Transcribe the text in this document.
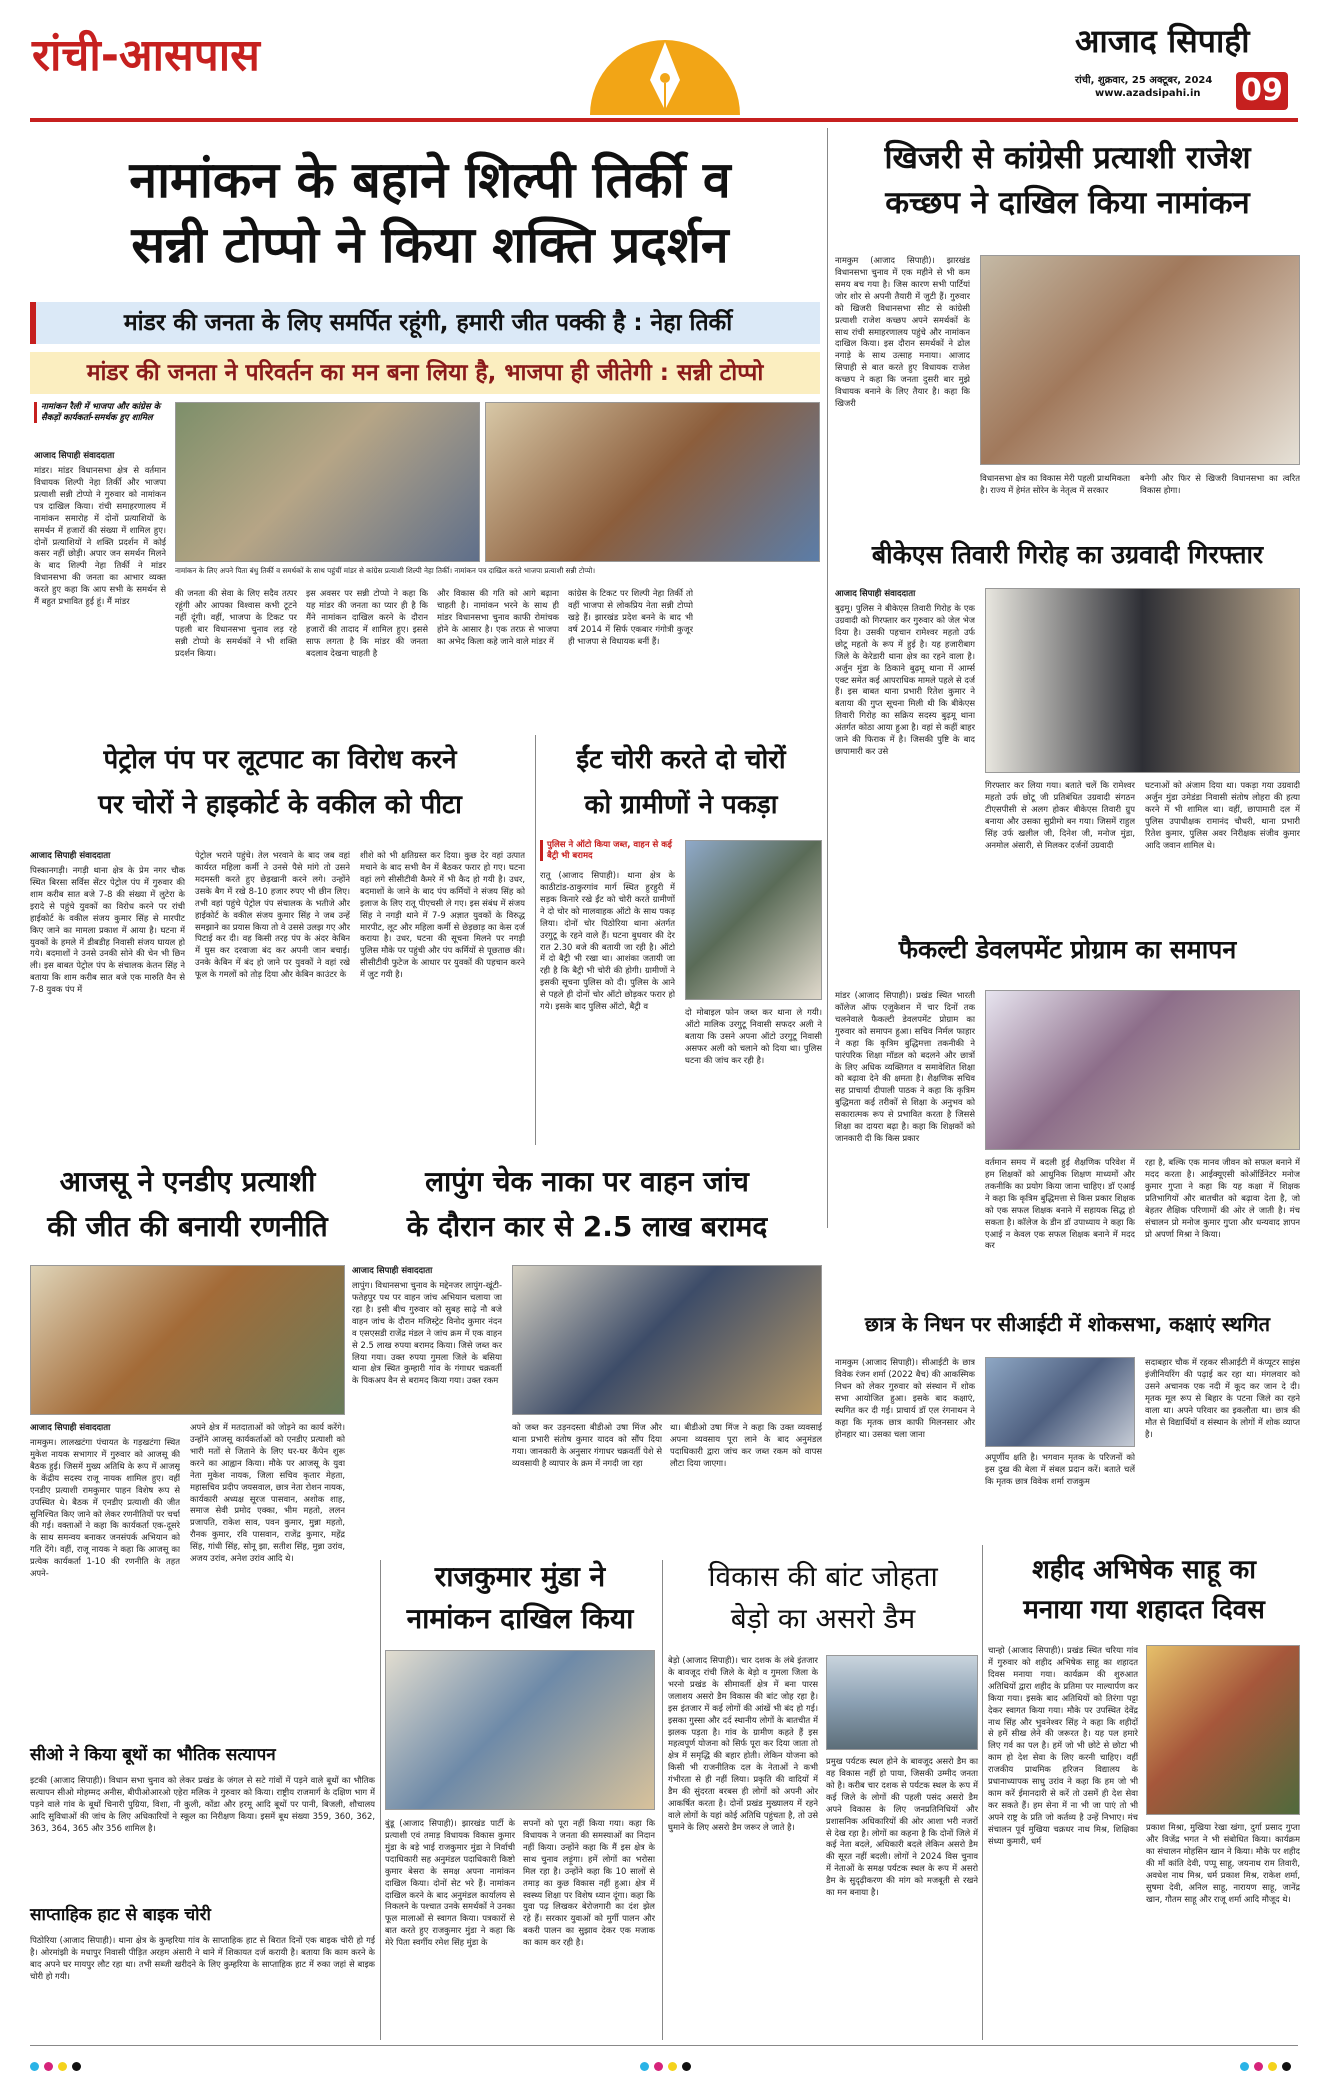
रांची-आसपास	आजाद सिपाही
रांची, शुक्रवार, 25 अक्टूबर, 2024
www.azadsipahi.in 09
नामांकन के बहाने शिल्पी तिर्की व
सन्नी टोप्पो ने किया शक्ति प्रदर्शन
मांडर की जनता के लिए समर्पित रहूंगी, हमारी जीत पक्की है : नेहा तिर्की
मांडर की जनता ने परिवर्तन का मन बना लिया है, भाजपा ही जीतेगी : सन्नी टोप्पो
नामांकन रैली में भाजपा और कांग्रेस के सैकड़ों कार्यकर्ता-समर्थक हुए शामिल
आजाद सिपाही संवाददाता
मांडर। मांडर विधानसभा क्षेत्र से वर्तमान विधायक शिल्पी नेहा तिर्की और भाजपा प्रत्याशी सन्नी टोप्पो ने गुरुवार को नामांकन पत्र दाखिल किया। रांची समाहरणालय में नामांकन समारोह में दोनों प्रत्याशियों के समर्थन में हजारों की संख्या में शामिल हुए। दोनों प्रत्याशियों ने शक्ति प्रदर्शन में कोई कसर नहीं छोड़ी। अपार जन समर्थन मिलने के बाद शिल्पी नेहा तिर्की ने मांडर विधानसभा की जनता का आभार व्यक्त करते हुए कहा कि आप सभी के समर्थन से मैं बहुत प्रभावित हुई हूं। मैं मांडर
नामांकन के लिए अपने पिता बंधु तिर्की व समर्थकों के साथ पहुंचीं मांडर से कांग्रेस प्रत्याशी शिल्पी नेहा तिर्की। नामांकन पत्र दाखिल करते भाजपा प्रत्याशी सन्नी टोप्पो।
की जनता की सेवा के लिए सदैव तत्पर रहूंगी और आपका विश्वास कभी टूटने नहीं दूंगी। वहीं, भाजपा के टिकट पर पहली बार विधानसभा चुनाव लड़ रहे सन्नी टोप्पो के समर्थकों ने भी शक्ति प्रदर्शन किया।
इस अवसर पर सन्नी टोप्पो ने कहा कि यह मांडर की जनता का प्यार ही है कि मैंने नामांकन दाखिल करने के दौरान हजारों की तादाद में शामिल हुए। इससे साफ लगता है कि मांडर की जनता बदलाव देखना चाहती है
और विकास की गति को आगे बढ़ाना चाहती है। नामांकन भरने के साथ ही मांडर विधानसभा चुनाव काफी रोमांचक होने के आसार है। एक तरफ़ से भाजपा का अभेद किला कहे जाने वाले मांडर में
कांग्रेस के टिकट पर शिल्पी नेहा तिर्की तो वहीं भाजपा से लोकप्रिय नेता सन्नी टोप्पो खड़े हैं। झारखंड प्रदेश बनने के बाद भी वर्ष 2014 में सिर्फ एकबार गंगोत्री कुजूर ही भाजपा से विधायक बनीं हैं।
खिजरी से कांग्रेसी प्रत्याशी राजेश
कच्छप ने दाखिल किया नामांकन
नामकुम (आजाद सिपाही)। झारखंड विधानसभा चुनाव में एक महीने से भी कम समय बच गया है। जिस कारण सभी पार्टियां जोर शोर से अपनी तैयारी में जुटी हैं। गुरुवार को खिजरी विधानसभा सीट से कांग्रेसी प्रत्याशी राजेश कच्छप अपने समर्थकों के साथ रांची समाहरणालय पहुंचे और नामांकन दाखिल किया। इस दौरान समर्थकों ने ढोल नगाड़े के साथ उत्साह मनाया। आजाद सिपाही से बात करते हुए विधायक राजेश कच्छप ने कहा कि जनता दुसरी बार मुझे विधायक बनाने के लिए तैयार है। कहा कि खिजरी
विधानसभा क्षेत्र का विकास मेरी पहली प्राथमिकता है। राज्य में हेमंत सोरेन के नेतृत्व में सरकार
बनेगी और फिर से खिजरी विधानसभा का त्वरित विकास होगा।
बीकेएस तिवारी गिरोह का उग्रवादी गिरफ्तार
आजाद सिपाही संवाददाता
बुढ़मू। पुलिस ने बीकेएस तिवारी गिरोह के एक उग्रवादी को गिरफ्तार कर गुरुवार को जेल भेज दिया है। उसकी पहचान रामेश्वर महतो उर्फ छोटू महतो के रूप में हुई है। यह हजारीबाग जिले के केरेडारी थाना क्षेत्र का रहने वाला है। अर्जुन मुंडा के ठिकाने बुढ़मू थाना में आर्म्स एक्ट समेत कई आपराधिक मामले पहले से दर्ज हैं। इस बाबत थाना प्रभारी रितेश कुमार ने बताया की गुप्त सूचना मिली थी कि बीकेएस तिवारी गिरोह का सक्रिय सदस्य बुढ़मू थाना अंतर्गत कोठा आया हुआ है। वहां से कहीं बाहर जाने की फिराक में है। जिसकी पुष्टि के बाद छापामारी कर उसे
गिरफ्तार कर लिया गया। बताते चलें कि रामेश्वर महतो उर्फ छोटू जी प्रतिबंधित उग्रवादी संगठन टीएसपीसी से अलग होकर बीकेएस तिवारी ग्रुप बनाया और उसका सुप्रीमो बन गया। जिसमें राहुल सिंह उर्फ खलील जी, दिनेश जी, मनोज मुंडा, अनमोल अंसारी, से मिलकर दर्जनों उग्रवादी
घटनाओं को अंजाम दिया था। पकड़ा गया उग्रवादी अर्जुन मुंडा उमेडंडा निवासी संतोष लोहरा की हत्या करने में भी शामिल था। वहीं, छापामारी दल में पुलिस उपाधीक्षक रामानंद चौधरी, थाना प्रभारी रितेश कुमार, पुलिस अवर निरीक्षक संजीव कुमार आदि जवान शामिल थे।
फैकल्टी डेवलपमेंट प्रोग्राम का समापन
मांडर (आजाद सिपाही)। प्रखंड स्थित भारती कॉलेज ऑफ एजुकेशन में चार दिनों तक चलनेवाले फैकल्टी डेवलपमेंट प्रोग्राम का गुरुवार को समापन हुआ। सचिव निर्मल फाहार ने कहा कि कृत्रिम बुद्धिमत्ता तकनीकी ने पारंपरिक शिक्षा मॉडल को बदलने और छात्रों के लिए अधिक व्यक्तिगत व समावेशित शिक्षा को बढ़ावा देने की क्षमता है। शैक्षणिक सचिव सह प्राचार्या दीपाली पाठक ने कहा कि कृत्रिम बुद्धिमता कई तरीकों से शिक्षा के अनुभव को सकारात्मक रूप से प्रभावित करता है जिससे शिक्षा का दायरा बढ़ा है। कहा कि शिक्षकों को जानकारी दी कि किस प्रकार
वर्तमान समय में बदली हुई शैक्षणिक परिवेश में हम शिक्षकों को आधुनिक शिक्षण माध्यमों और तकनीकि का प्रयोग किया जाना चाहिए। डॉ एआई ने कहा कि कृत्रिम बुद्धिमत्ता से किस प्रकार शिक्षक को एक सफल शिक्षक बनाने में सहायक सिद्ध हो सकता है। कॉलेज के डीन डॉ उपाध्याय ने कहा कि एआई न केवल एक सफल शिक्षक बनाने में मदद कर
रहा है, बल्कि एक मानव जीवन को सफल बनाने में मदद करता है। आईक्यूएसी कोऑर्डिनेटर मनोज कुमार गुप्ता ने कहा कि यह कक्षा में शिक्षक प्रतिभागियों और बातचीत को बढ़ावा देता है, जो बेहतर शैक्षिक परिणामों की ओर ले जाती है। मंच संचालन प्रो मनोज कुमार गुप्ता और धन्यवाद ज्ञापन प्रो अपर्णा मिश्रा ने किया।
छात्र के निधन पर सीआईटी में शोकसभा, कक्षाएं स्थगित
नामकुम (आजाद सिपाही)। सीआईटी के छात्र विवेक रंजन शर्मा (2022 बैच) की आकस्मिक निधन को लेकर गुरुवार को संस्थान में शोक सभा आयोजित हुआ। इसके बाद कक्षाएं, स्थगित कर दी गई। प्राचार्य डॉ एल रंगनाथन ने कहा कि मृतक छात्र काफी मिलनसार और होनहार था। उसका चला जाना
अपूर्णीय क्षति है। भगवान मृतक के परिजनों को इस दुख की बेला में संबल प्रदान करें। बताते चलें कि मृतक छात्र विवेक शर्मा राजकुम
सदाबहार चौक में रहकर सीआईटी में कंप्यूटर साइंस इंजीनियरिंग की पढ़ाई कर रहा था। मंगलवार को उसने अचानक एक नदी में कूद कर जान दे दी। मृतक मूल रूप से बिहार के पटना जिले का रहने वाला था। अपने परिवार का इकलौता था। छात्र की मौत से विद्यार्थियों व संस्थान के लोगों में शोक व्याप्त है।
पेट्रोल पंप पर लूटपाट का विरोध करने
पर चोरों ने हाइकोर्ट के वकील को पीटा
आजाद सिपाही संवाददाता
पिस्कानगड़ी। नगड़ी थाना क्षेत्र के प्रेम नगर चौक स्थित बिरसा सर्विस सेंटर पेट्रोल पंप में गुरुवार की शाम करीब सात बजे 7-8 की संख्या में लुटेरा के इरादे से पहुंचे युवकों का विरोध करने पर रांची हाईकोर्ट के वकील संजय कुमार सिंह से मारपीट किए जाने का मामला प्रकाश में आया है। घटना में युवकों के हमले में डीबडीह निवासी संजय घायल हो गये। बदमाशों ने उनसे उनकी सोने की चेन भी छिन ली। इस बाबत पेट्रोल पंप के संचालक केतन सिंह ने बताया कि शाम करीब सात बजे एक मारुति वैन से 7-8 युवक पंप में
पेट्रोल भराने पहुंचे। तेल भरवाने के बाद जब वहां कार्यरत महिला कर्मी ने उनसे पैसे मांगे तो उसने मदमस्ती करते हुए छेड़खानी करने लगे। उन्होंने उसके बैग में रखे 8-10 हजार रुपए भी छीन लिए। तभी वहां पहुंचे पेट्रोल पंप संचालक के भतीजे और हाईकोर्ट के वकील संजय कुमार सिंह ने जब उन्हें समझाने का प्रयास किया तो वे उससे उलझ गए और पिटाई कर दी। वह किसी तरह पंप के अंदर केबिन में घुस कर दरवाजा बंद कर अपनी जान बचाई। उनके केबिन में बंद हो जाने पर युवकों ने वहां रखे फूल के गमलों को तोड़ दिया और केबिन काउंटर के
शीशे को भी क्षतिग्रस्त कर दिया। कुछ देर वहां उत्पात मचाने के बाद सभी वैन में बैठकर फरार हो गए। घटना वहां लगे सीसीटीवी कैमरे में भी कैद हो गयी है। उधर, बदमाशों के जाने के बाद पंप कर्मियों ने संजय सिंह को इलाज के लिए रातू पीएचसी ले गए। इस संबंध में संजय सिंह ने नगड़ी थाने में 7-9 अज्ञात युवकों के विरुद्ध मारपीट, लूट और महिला कर्मी से छेड़छाड़ का केस दर्ज कराया है। उधर, घटना की सूचना मिलने पर नगड़ी पुलिस मौके पर पहुंची और पंप कर्मियों से पूछताछ की। सीसीटीवी फुटेज के आधार पर युवकों की पहचान करने में जुट गयी है।
ईंट चोरी करते दो चोरों
को ग्रामीणों ने पकड़ा
पुलिस ने ऑटो किया जब्त, वाहन से कई बैट्री भी बरामद
रातू (आजाद सिपाही)। थाना क्षेत्र के काठीटांड-ठाकुरगांव मार्ग स्थित हुरहुरी में सड़क किनारे रखे ईंट को चोरी करते ग्रामीणों ने दो चोर को मालवाहक ऑटो के साथ पकड़ लिया। दोनों चोर पिठोरिया थाना अंतर्गत उरगुटू के रहने वाले हैं। घटना बुधवार की देर रात 2.30 बजे की बतायी जा रही है। ऑटो में दो बैट्री भी रखा था। आशंका जतायी जा रही है कि बैट्री भी चोरी की होगी। ग्रामीणों ने इसकी सूचना पुलिस को दी। पुलिस के आने से पहले ही दोनों चोर ऑटो छोड़कर फरार हो गये। इसके बाद पुलिस ऑटो, बैट्री व
दो मोबाइल फोन जब्त कर थाना ले गयी। ऑटो मालिक उरगुटू निवासी सफदर अली ने बताया कि उसने अपना ऑटो उरगुटू निवासी असफर अली को चलाने को दिया था। पुलिस घटना की जांच कर रही है।
आजसू ने एनडीए प्रत्याशी
की जीत की बनायी रणनीति
आजाद सिपाही संवाददाता
नामकुम। लालखटंगा पंचायत के गड़खटंगा स्थित मुकेश नायक सभागार में गुरुवार को आजसू की बैठक हुई। जिसमें मुख्य अतिथि के रूप में आजसू के केंद्रीय सदस्य राजू नायक शामिल हुए। वहीं एनडीए प्रत्याशी रामकुमार पाहन विशेष रूप से उपस्थित थे। बैठक में एनडीए प्रत्याशी की जीत सुनिश्चित किए जाने को लेकर रणनीतियों पर चर्चा की गई। वक्ताओं ने कहा कि कार्यकर्ता एक-दूसरे के साथ समन्वय बनाकर जनसंपर्क अभियान को गति देंगे। वहीं, राजू नायक ने कहा कि आजसू का प्रत्येक कार्यकर्ता 1-10 की रणनीति के तहत अपने-
अपने क्षेत्र में मतदाताओं को जोड़ने का कार्य करेंगे। उन्होंने आजसू कार्यकर्ताओं को एनडीए प्रत्याशी को भारी मतों से जिताने के लिए घर-घर कैंपेन शुरू करने का आह्वान किया। मौके पर आजसू के युवा नेता मुकेश नायक, जिला सचिव कृतार मेहता, महासचिव प्रदीप जयसवाल, छात्र नेता रोशन नायक, कार्यकारी अध्यक्ष सूरज पासवान, अशोक शाह, समाज सेवी प्रमोद एक्का, भीम महतो, ललन प्रजापति, राकेश साव, पवन कुमार, मुन्ना महतो, रौनक कुमार, रवि पासवान, राजेंद्र कुमार, महेंद्र सिंह, गांधी सिंह, सोनू झा, सतीश सिंह, मुन्ना उरांव, अजय उरांव, अनेश उरांव आदि थे।
लापुंग चेक नाका पर वाहन जांच
के दौरान कार से 2.5 लाख बरामद
आजाद सिपाही संवाददाता
लापुंग। विधानसभा चुनाव के मद्देनजर लापुंग-खूंटी-फतेहपुर पथ पर वाहन जांच अभियान चलाया जा रहा है। इसी बीच गुरुवार को सुबह साढ़े नौ बजे वाहन जांच के दौरान मजिस्ट्रेट विनोद कुमार नंदन व एसएसडी राजेंद्र मंडल ने जांच क्रम में एक वाहन से 2.5 लाख रुपया बरामद किया। जिसे जब्त कर लिया गया। उक्त रुपया गुमला जिले के बसिया थाना क्षेत्र स्थित कुम्हारी गांव के गंगाधर चक्रवर्ती के पिकअप वैन से बरामद किया गया। उक्त रकम
को जब्त कर उड़नदस्ता बीडीओ उषा मिंज और थाना प्रभारी संतोष कुमार यादव को सौंप दिया गया। जानकारी के अनुसार गंगाधर चक्रवर्ती पेशे से व्यवसायी है व्यापार के क्रम में नगदी जा रहा
था। बीडीओ उषा मिंज ने कहा कि उक्त व्यवसाई अपना व्यवसाय पूरा लाने के बाद अनुमंडल पदाधिकारी द्वारा जांच कर जब्त रकम को वापस लौटा दिया जाएगा।
सीओ ने किया बूथों का भौतिक सत्यापन
इटकी (आजाद सिपाही)। विधान सभा चुनाव को लेकर प्रखंड के जंगल से सटे गांवों में पड़ने वाले बूथों का भौतिक सत्यापन सीओ मोहम्मद अनीस, बीपीओआरओ एहेरा मलिक ने गुरुवार को किया। राष्ट्रीय राजमार्ग के दक्षिण भाग में पड़ने वाले गांव के बूथों चिनारी पुग्रिया, विशा, नी कुली, कोंडा और हरमू आदि बूथों पर पानी, बिजली, शौचालय आदि सुविधाओं की जांच के लिए अधिकारियों ने स्कूल का निरीक्षण किया। इसमें बूथ संख्या 359, 360, 362, 363, 364, 365 और 356 शामिल है।
साप्ताहिक हाट से बाइक चोरी
पिठोरिया (आजाद सिपाही)। थाना क्षेत्र के कुम्हरिया गांव के साप्ताहिक हाट से बिरात दिनों एक बाइक चोरी हो गई है। ओरमांझी के मधापुर निवासी पीड़ित अरहम अंसारी ने थाने में शिकायत दर्ज करायी है। बताया कि काम करने के बाद अपने घर मायपुर लौट रहा था। तभी सब्जी खरीदने के लिए कुम्हरिया के साप्ताहिक हाट में रुका जहां से बाइक चोरी हो गयी।
राजकुमार मुंडा ने
नामांकन दाखिल किया
बुंडू (आजाद सिपाही)। झारखंड पार्टी के प्रत्याशी एवं तमाड़ विधायक विकास कुमार मुंडा के बड़े भाई राजकुमार मुंडा ने निर्वाची पदाधिकारी सह अनुमंडल पदाधिकारी किष्टो कुमार बेसरा के समक्ष अपना नामांकन दाखिल किया। दोनों सेट भरे हैं। नामांकन दाखिल करने के बाद अनुमंडल कार्यालय से निकलने के पश्चात उनके समर्थकों ने उनका फूल मालाओं से स्वागत किया। पत्रकारों से बात करते हुए राजकुमार मुंडा ने कहा कि मेरे पिता स्वर्गीय रमेश सिंह मुंडा के
सपनों को पूरा नहीं किया गया। कहा कि विधायक ने जनता की समस्याओं का निदान नहीं किया। उन्होंने कहा कि मैं इस क्षेत्र के साथ चुनाव लड़ूंगा। हमें लोगों का भरोसा मिल रहा है। उन्होंने कहा कि 10 सालों से तमाड़ का कुछ विकास नहीं हुआ। क्षेत्र में स्वस्थ्य शिक्षा पर विशेष ध्यान दूंगा। कहा कि युवा पढ़ लिखकर बेरोजगारी का दंश झेल रहे हैं। सरकार युवाओं को मुर्गी पालन और बकरी पालन का सुझाव देकर एक मजाक का काम कर रही है।
विकास की बांट जोहता
बेड़ो का असरो डैम
बेड़ो (आजाद सिपाही)। चार दशक के लंबे इंतजार के बावजूद रांची जिले के बेड़ो व गुमला जिला के भरनो प्रखंड के सीमावर्ती क्षेत्र में बना पारस जलाशय असरो डैम विकास की बांट जोह रहा है। इस इंतजार में कई लोगों की आंखें भी बंद हो गई। इसका गुस्सा और दर्द स्थानीय लोगों के बातचीत में झलक पड़ता है। गांव के ग्रामीण कहते हैं इस महत्वपूर्ण योजना को सिर्फ पूरा कर दिया जाता तो क्षेत्र में समृद्धि की बहार होती। लेकिन योजना को किसी भी राजनीतिक दल के नेताओं ने कभी गंभीरता से ही नहीं लिया। प्रकृति की वादियों में डैम की सुंदरता बरबस ही लोगों को अपनी ओर आकर्षित करता है। दोनों प्रखंड मुख्यालय में रहने वाले लोगों के यहां कोई अतिथि पहुंचता है, तो उसे घुमाने के लिए असरो डैम जरूर ले जाते है।
प्रमुख पर्यटक स्थल होने के बावजूद असरो डैम का वह विकास नहीं हो पाया, जिसकी उम्मीद जनता को है। करीब चार दशक से पर्यटक स्थल के रूप में कई जिले के लोगों की पहली पसंद असरो डैम अपने विकास के लिए जनप्रतिनिधियों और प्रशासनिक अधिकारियों की ओर आशा भरी नजरों से देख रहा है। लोगों का कहना है कि दोनों जिले में कई नेता बदले, अधिकारी बदले लेकिन असरो डैम की सूरत नहीं बदली। लोगों ने 2024 विस चुनाव में नेताओं के समक्ष पर्यटक स्थल के रूप में असरो डैम के सुदृढ़ीकरण की मांग को मजबूती से रखने का मन बनाया है।
शहीद अभिषेक साहू का
मनाया गया शहादत दिवस
चान्हो (आजाद सिपाही)। प्रखंड स्थित चरिया गांव में गुरुवार को शहीद अभिषेक साहू का शहादत दिवस मनाया गया। कार्यक्रम की शुरुआत अतिथियों द्वारा शहीद के प्रतिमा पर माल्यार्पण कर किया गया। इसके बाद अतिथियों को तिरंगा पट्टा देकर स्वागत किया गया। मौके पर उपस्थित देवेंद्र नाथ सिंह और भुवनेश्वर सिंह ने कहा कि शहीदों से हमें सीख लेने की जरूरत है। यह पल हमारे लिए गर्व का पल है। हमें जो भी छोटे से छोटा भी काम हो देश सेवा के लिए करनी चाहिए। वहीं राजकीय प्राथमिक हरिजन विद्यालय के प्रधानाध्यापक साधु उरांव ने कहा कि हम जो भी काम करें ईमानदारी से करें तो उसमें ही देश सेवा कर सकते हैं। हम सेना में ना भी जा पाएं तो भी अपने राष्ट्र के प्रति जो कर्तव्य है उन्हें निभाए। मंच संचालन पूर्व मुखिया चक्रधर नाथ मिश्र, शिक्षिका संध्या कुमारी, धर्म
प्रकाश मिश्रा, मुखिया रेखा खंगा, दुर्गा प्रसाद गुप्ता और विजेंद्र भगत ने भी संबोधित किया। कार्यक्रम का संचालन मोहसिन खान ने किया। मौके पर शहीद की माँ कांति देवी, पप्पू साहू, जयनाथ राम तिवारी, अवधेश नाथ मिश्र, धर्म प्रकाश मिश्र, राकेश शर्मा, सुषमा देवी, अनिल साहू, नारायण साहू, जानेंद्र खान, गौतम साहू और राजू शर्मा आदि मौजूद थे।
